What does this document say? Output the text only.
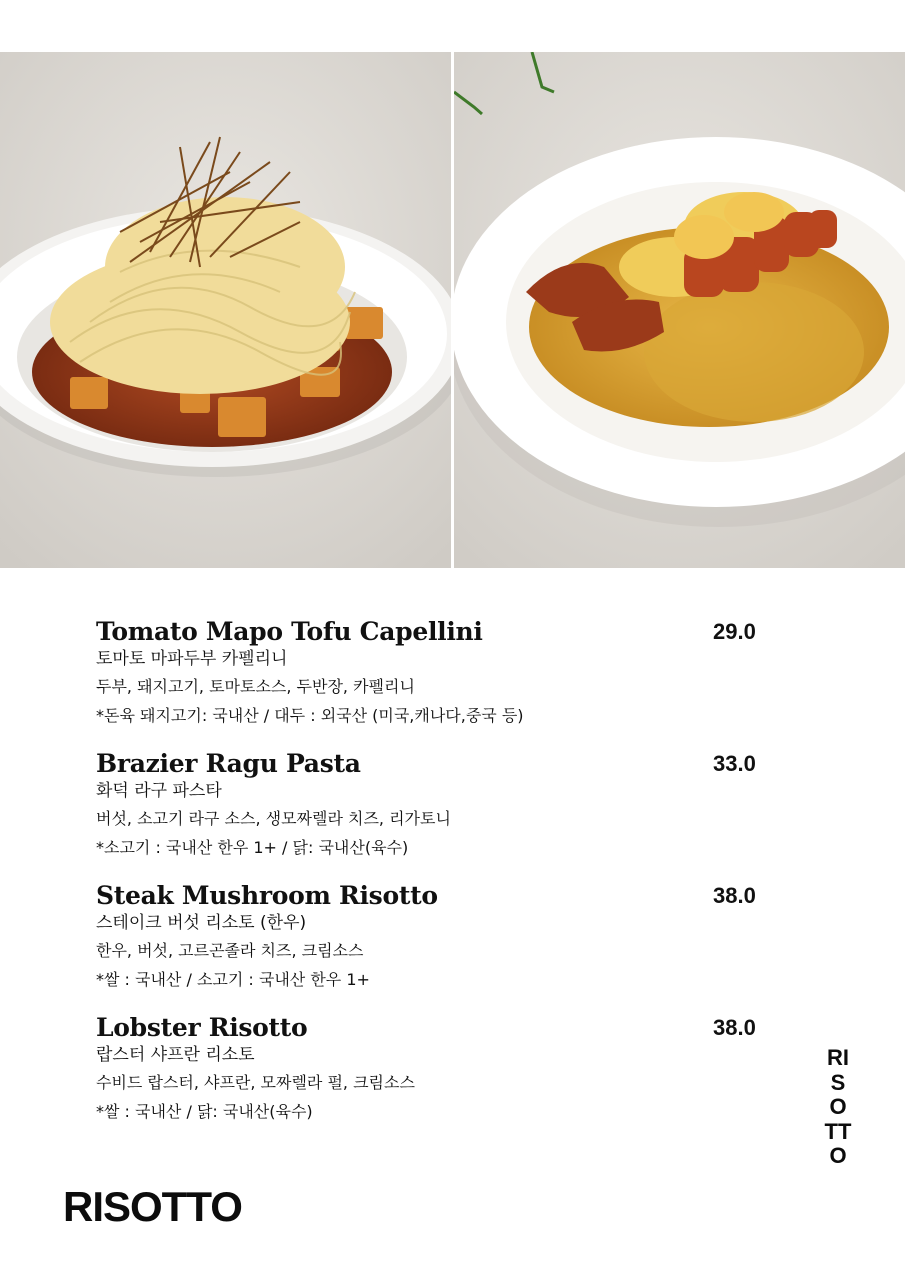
Tomato Mapo Tofu Capellini	29.0
토마토 마파두부 카펠리니
두부, 돼지고기, 토마토소스, 두반장, 카펠리니
*돈육 돼지고기: 국내산 / 대두 : 외국산 (미국,캐나다,중국 등)
Brazier Ragu Pasta	33.0
화덕 라구 파스타
버섯, 소고기 라구 소스, 생모짜렐라 치즈, 리가토니
*소고기 : 국내산 한우 1+ / 닭: 국내산(육수)
Steak Mushroom Risotto	38.0
스테이크 버섯 리소토 (한우)
한우, 버섯, 고르곤졸라 치즈, 크림소스
*쌀 : 국내산 / 소고기 : 국내산 한우 1+
Lobster Risotto	38.0
랍스터 샤프란 리소토
수비드 랍스터, 샤프란, 모짜렐라 펄, 크림소스
*쌀 : 국내산 / 닭: 국내산(육수)
RISOTTO
RISOTTO
